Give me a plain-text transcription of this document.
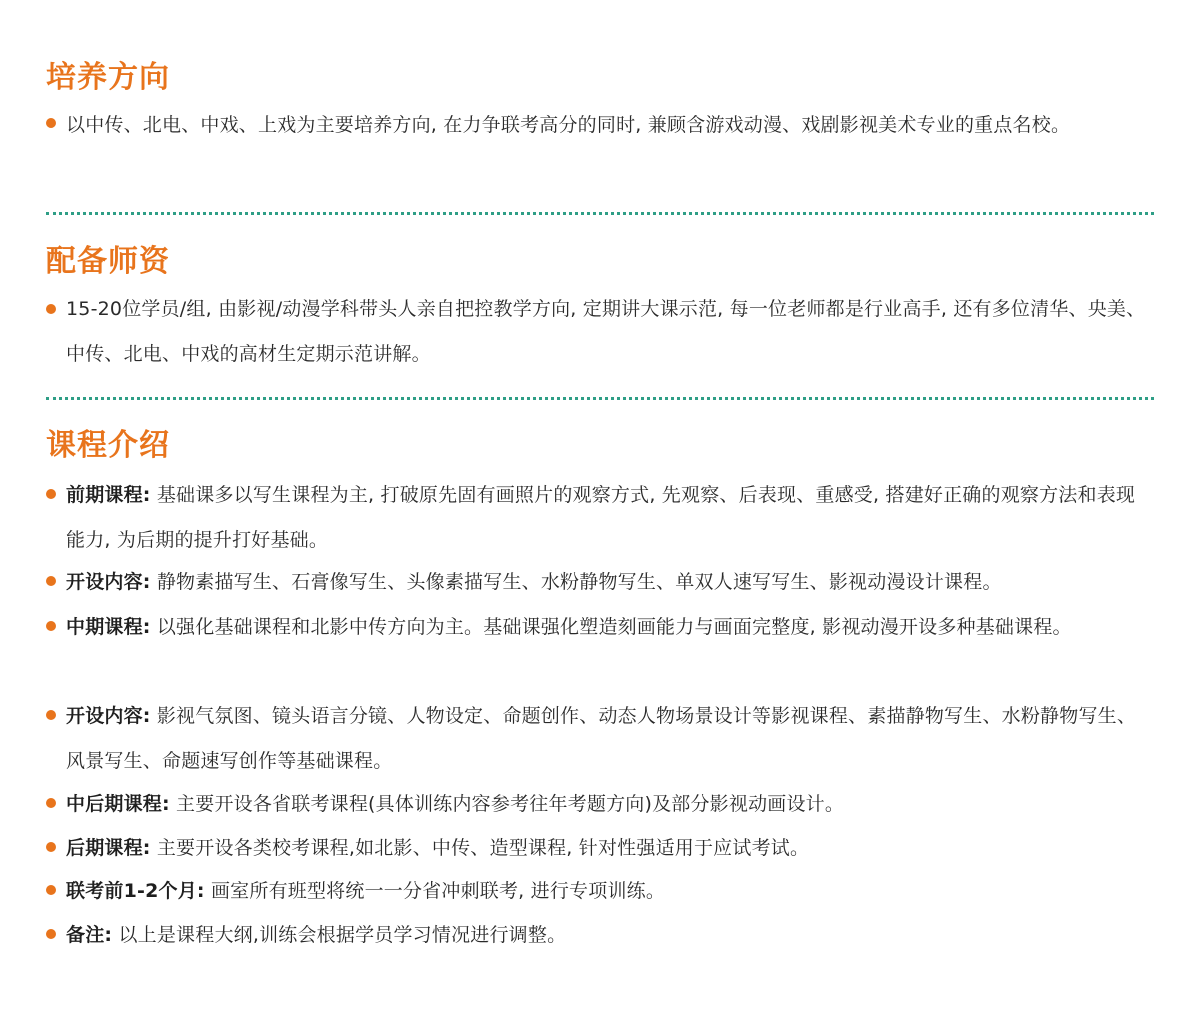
培养方向

以中传、北电、中戏、上戏为主要培养方向, 在力争联考高分的同时, 兼顾含游戏动漫、戏剧影视美术专业的重点名校。

配备师资

15-20位学员/组, 由影视/动漫学科带头人亲自把控教学方向, 定期讲大课示范, 每一位老师都是行业高手, 还有多位清华、央美、中传、北电、中戏的高材生定期示范讲解。

课程介绍

前期课程: 基础课多以写生课程为主, 打破原先固有画照片的观察方式, 先观察、后表现、重感受, 搭建好正确的观察方法和表现能力, 为后期的提升打好基础。

开设内容: 静物素描写生、石膏像写生、头像素描写生、水粉静物写生、单双人速写写生、影视动漫设计课程。

中期课程: 以强化基础课程和北影中传方向为主。基础课强化塑造刻画能力与画面完整度, 影视动漫开设多种基础课程。

开设内容: 影视气氛图、镜头语言分镜、人物设定、命题创作、动态人物场景设计等影视课程、素描静物写生、水粉静物写生、风景写生、命题速写创作等基础课程。

中后期课程: 主要开设各省联考课程(具体训练内容参考往年考题方向)及部分影视动画设计。

后期课程: 主要开设各类校考课程,如北影、中传、造型课程, 针对性强适用于应试考试。

联考前1-2个月: 画室所有班型将统一一分省冲刺联考, 进行专项训练。

备注: 以上是课程大纲,训练会根据学员学习情况进行调整。
